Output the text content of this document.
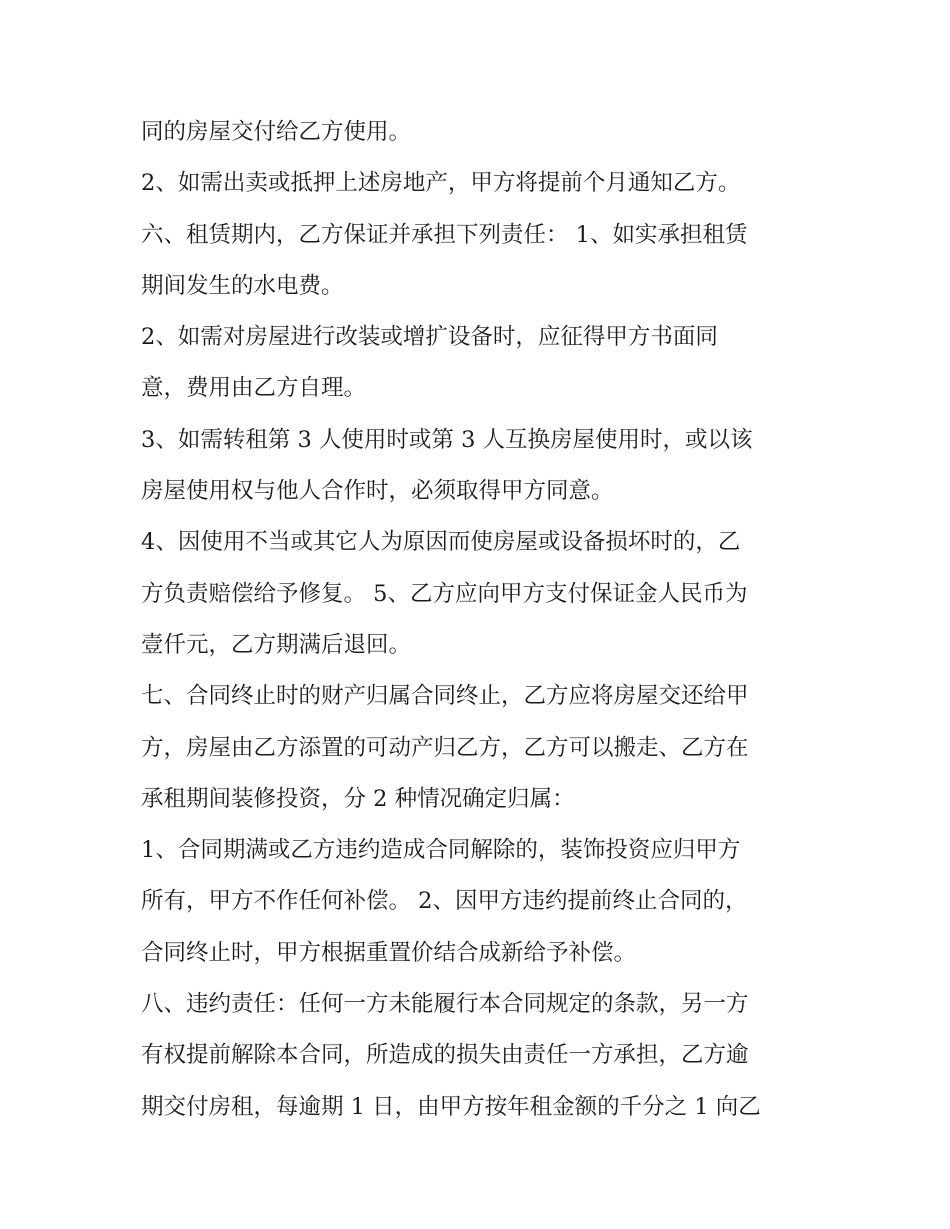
同的房屋交付给乙方使用。
2、如需出卖或抵押上述房地产，甲方将提前个月通知乙方。
六、租赁期内，乙方保证并承担下列责任： 1、如实承担租赁
期间发生的水电费。
2、如需对房屋进行改装或增扩设备时，应征得甲方书面同
意，费用由乙方自理。
3、如需转租第 3 人使用时或第 3 人互换房屋使用时，或以该
房屋使用权与他人合作时，必须取得甲方同意。
4、因使用不当或其它人为原因而使房屋或设备损坏时的，乙
方负责赔偿给予修复。 5、乙方应向甲方支付保证金人民币为
壹仟元，乙方期满后退回。
七、合同终止时的财产归属合同终止，乙方应将房屋交还给甲
方，房屋由乙方添置的可动产归乙方，乙方可以搬走、乙方在
承租期间装修投资，分 2 种情况确定归属：
1、合同期满或乙方违约造成合同解除的，装饰投资应归甲方
所有，甲方不作任何补偿。 2、因甲方违约提前终止合同的，
合同终止时，甲方根据重置价结合成新给予补偿。
八、违约责任：任何一方未能履行本合同规定的条款，另一方
有权提前解除本合同，所造成的损失由责任一方承担，乙方逾
期交付房租，每逾期 1 日，由甲方按年租金额的千分之 1 向乙
